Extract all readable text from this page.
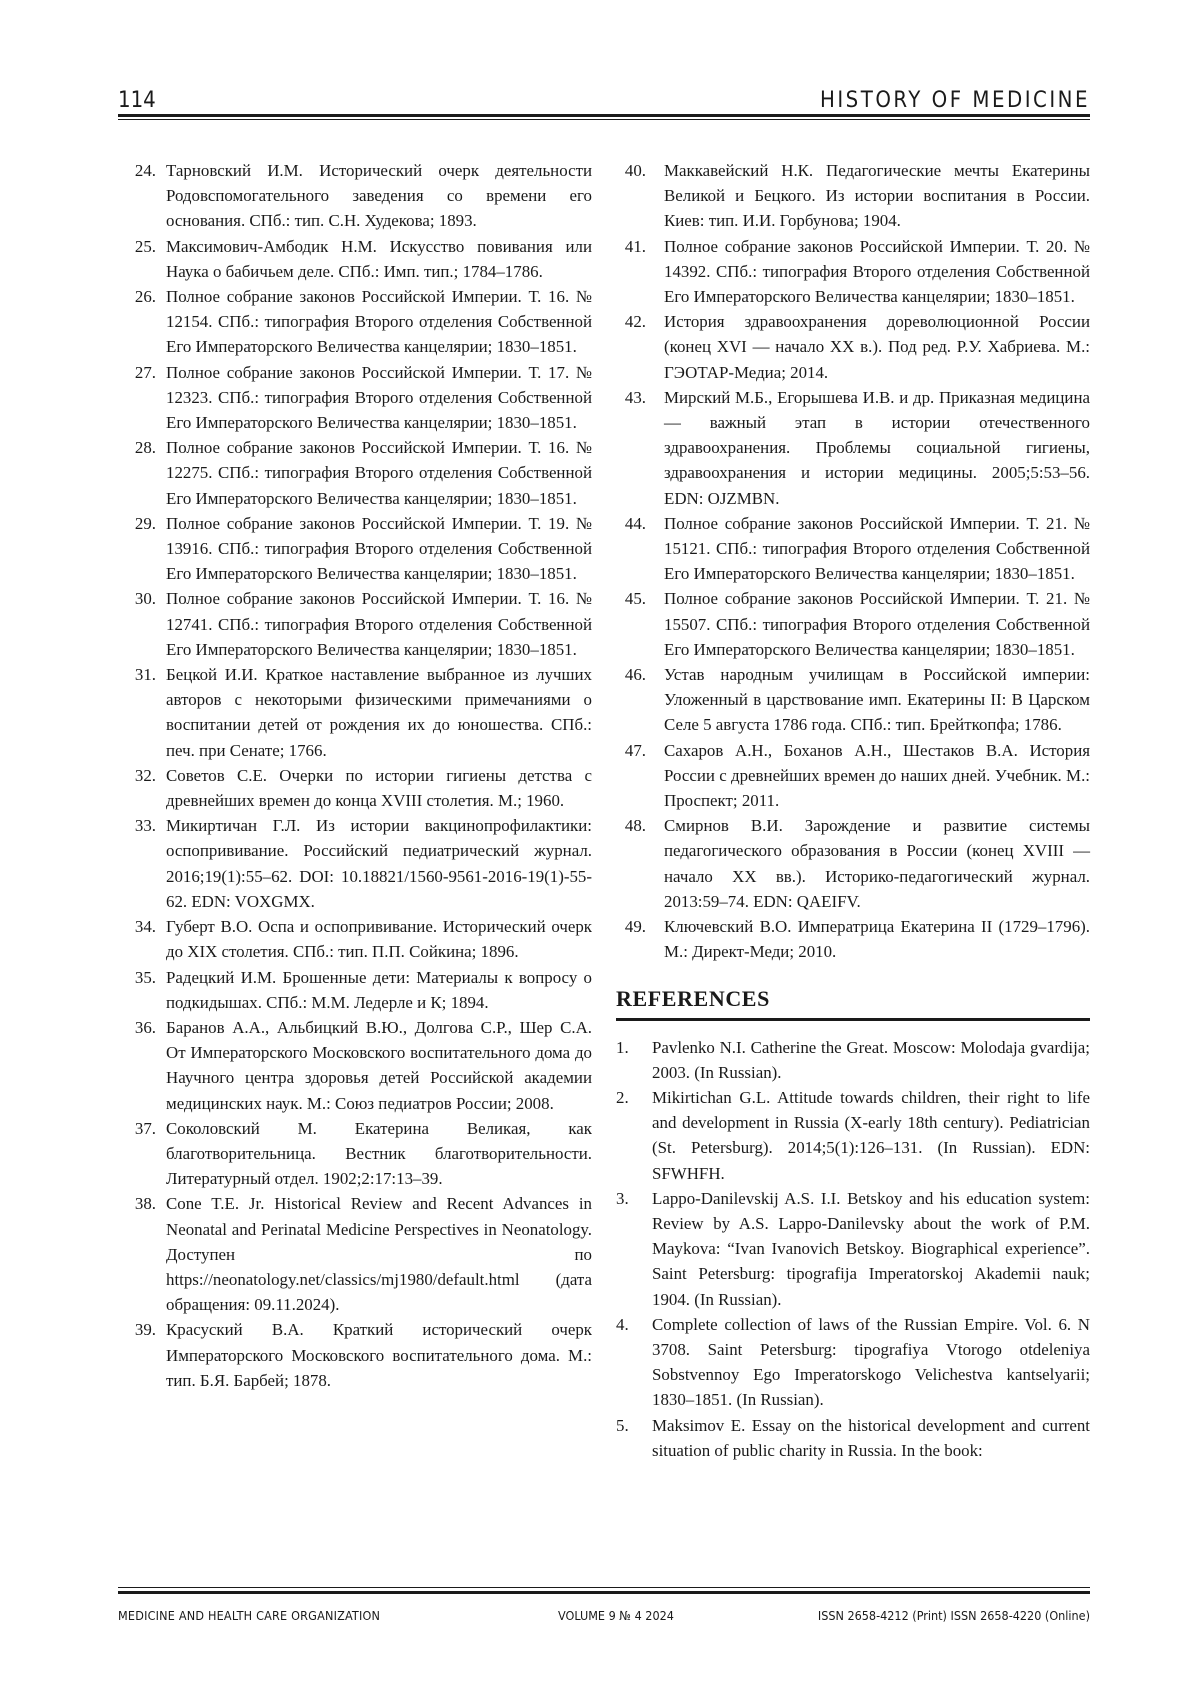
114	HISTORY OF MEDICINE
24. Тарновский И.М. Исторический очерк деятельности Родовспомогательного заведения со времени его основания. СПб.: тип. С.Н. Худекова; 1893.
25. Максимович-Амбодик Н.М. Искусство повивания или Наука о бабичьем деле. СПб.: Имп. тип.; 1784–1786.
26. Полное собрание законов Российской Империи. Т. 16. № 12154. СПб.: типография Второго отделения Собственной Его Императорского Величества канцелярии; 1830–1851.
27. Полное собрание законов Российской Империи. Т. 17. № 12323. СПб.: типография Второго отделения Собственной Его Императорского Величества канцелярии; 1830–1851.
28. Полное собрание законов Российской Империи. Т. 16. № 12275. СПб.: типография Второго отделения Собственной Его Императорского Величества канцелярии; 1830–1851.
29. Полное собрание законов Российской Империи. Т. 19. № 13916. СПб.: типография Второго отделения Собственной Его Императорского Величества канцелярии; 1830–1851.
30. Полное собрание законов Российской Империи. Т. 16. № 12741. СПб.: типография Второго отделения Собственной Его Императорского Величества канцелярии; 1830–1851.
31. Бецкой И.И. Краткое наставление выбранное из лучших авторов с некоторыми физическими примечаниями о воспитании детей от рождения их до юношества. СПб.: печ. при Сенате; 1766.
32. Советов С.Е. Очерки по истории гигиены детства с древнейших времен до конца XVIII столетия. М.; 1960.
33. Микиртичан Г.Л. Из истории вакцинопрофилактики: оспопрививание. Российский педиатрический журнал. 2016;19(1):55–62. DOI: 10.18821/1560-9561-2016-19(1)-55-62. EDN: VOXGMX.
34. Губерт В.О. Оспа и оспопрививание. Исторический очерк до XIX столетия. СПб.: тип. П.П. Сойкина; 1896.
35. Радецкий И.М. Брошенные дети: Материалы к вопросу о подкидышах. СПб.: М.М. Ледерле и К; 1894.
36. Баранов А.А., Альбицкий В.Ю., Долгова С.Р., Шер С.А. От Императорского Московского воспитательного дома до Научного центра здоровья детей Российской академии медицинских наук. М.: Союз педиатров России; 2008.
37. Соколовский М. Екатерина Великая, как благотворительница. Вестник благотворительности. Литературный отдел. 1902;2:17:13–39.
38. Cone T.E. Jr. Historical Review and Recent Advances in Neonatal and Perinatal Medicine Perspectives in Neonatology. Доступен по https://neonatology.net/classics/mj1980/default.html (дата обращения: 09.11.2024).
39. Красуский В.А. Краткий исторический очерк Императорского Московского воспитательного дома. М.: тип. Б.Я. Барбей; 1878.
40.	Маккавейский Н.К. Педагогические мечты Екатерины Великой и Бецкого. Из истории воспитания в России. Киев: тип. И.И. Горбунова; 1904.
41.	Полное собрание законов Российской Империи. Т. 20. № 14392. СПб.: типография Второго отделения Собственной Его Императорского Величества канцелярии; 1830–1851.
42.	История здравоохранения дореволюционной России (конец XVI — начало XX в.). Под ред. Р.У. Хабриева. М.: ГЭОТАР-Медиа; 2014.
43.	Мирский М.Б., Егорышева И.В. и др. Приказная медицина — важный этап в истории отечественного здравоохранения. Проблемы социальной гигиены, здравоохранения и истории медицины. 2005;5:53–56. EDN: OJZMBN.
44.	Полное собрание законов Российской Империи. Т. 21. № 15121. СПб.: типография Второго отделения Собственной Его Императорского Величества канцелярии; 1830–1851.
45.	Полное собрание законов Российской Империи. Т. 21. № 15507. СПб.: типография Второго отделения Собственной Его Императорского Величества канцелярии; 1830–1851.
46.	Устав народным училищам в Российской империи: Уложенный в царствование имп. Екатерины II: В Царском Селе 5 августа 1786 года. СПб.: тип. Брейткопфа; 1786.
47.	Сахаров А.Н., Боханов А.Н., Шестаков В.А. История России с древнейших времен до наших дней. Учебник. М.: Проспект; 2011.
48.	Смирнов В.И. Зарождение и развитие системы педагогического образования в России (конец XVIII — начало XX вв.). Историко-педагогический журнал. 2013:59–74. EDN: QAEIFV.
49.	Ключевский В.О. Императрица Екатерина II (1729–1796). М.: Директ-Меди; 2010.
REFERENCES
1.	Pavlenko N.I. Catherine the Great. Moscow: Molodaja gvardija; 2003. (In Russian).
2.	Mikirtichan G.L. Attitude towards children, their right to life and development in Russia (X-early 18th century). Pediatrician (St. Petersburg). 2014;5(1):126–131. (In Russian). EDN: SFWHFH.
3.	Lappo-Danilevskij A.S. I.I. Betskoy and his education system: Review by A.S. Lappo-Danilevsky about the work of P.M. Maykova: “Ivan Ivanovich Betskoy. Biographical experience”. Saint Petersburg: tipografija Imperatorskoj Akademii nauk; 1904. (In Russian).
4.	Complete collection of laws of the Russian Empire. Vol. 6. N 3708. Saint Petersburg: tipografiya Vtorogo otdeleniya Sobstvennoy Ego Imperatorskogo Velichestva kantselyarii; 1830–1851. (In Russian).
5.	Maksimov E. Essay on the historical development and current situation of public charity in Russia. In the book:
MEDICINE AND HEALTH CARE ORGANIZATION	VOLUME 9 № 4 2024	ISSN 2658-4212 (Print) ISSN 2658-4220 (Online)
